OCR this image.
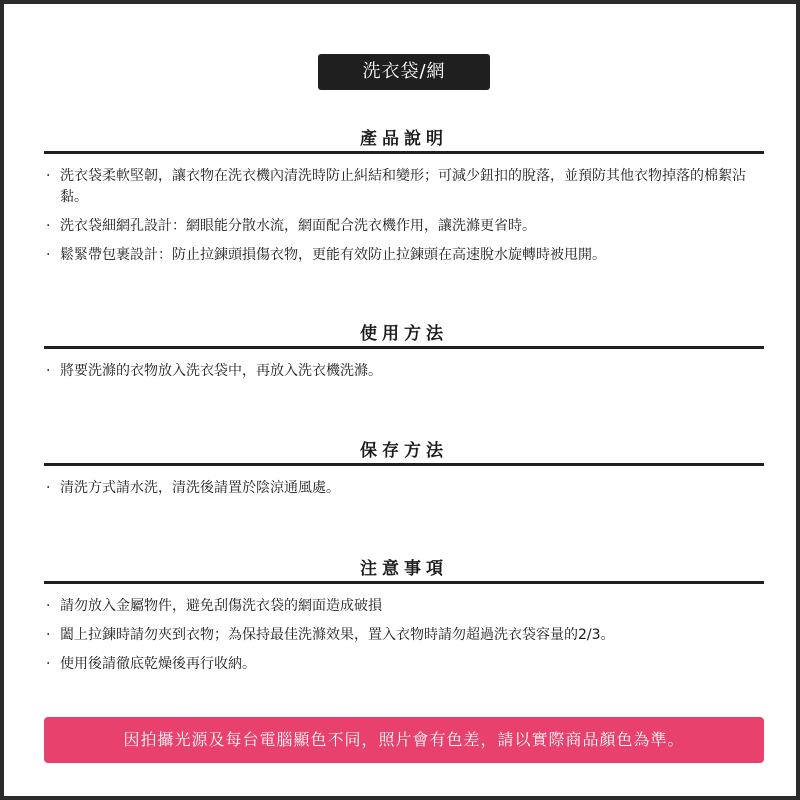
洗衣袋/網
產品說明
· 洗衣袋柔軟堅韌，讓衣物在洗衣機內清洗時防止糾結和變形；可減少鈕扣的脫落，並預防其他衣物掉落的棉絮沾黏。
· 洗衣袋細網孔設計：網眼能分散水流，網面配合洗衣機作用，讓洗滌更省時。
· 鬆緊帶包裹設計：防止拉鍊頭損傷衣物，更能有效防止拉鍊頭在高速脫水旋轉時被甩開。
使用方法
· 將要洗滌的衣物放入洗衣袋中，再放入洗衣機洗滌。
保存方法
· 清洗方式請水洗，清洗後請置於陰涼通風處。
注意事項
· 請勿放入金屬物件，避免刮傷洗衣袋的網面造成破損
· 闔上拉鍊時請勿夾到衣物；為保持最佳洗滌效果，置入衣物時請勿超過洗衣袋容量的2/3。
· 使用後請徹底乾燥後再行收納。
因拍攝光源及每台電腦顯色不同，照片會有色差，請以實際商品顏色為準。
